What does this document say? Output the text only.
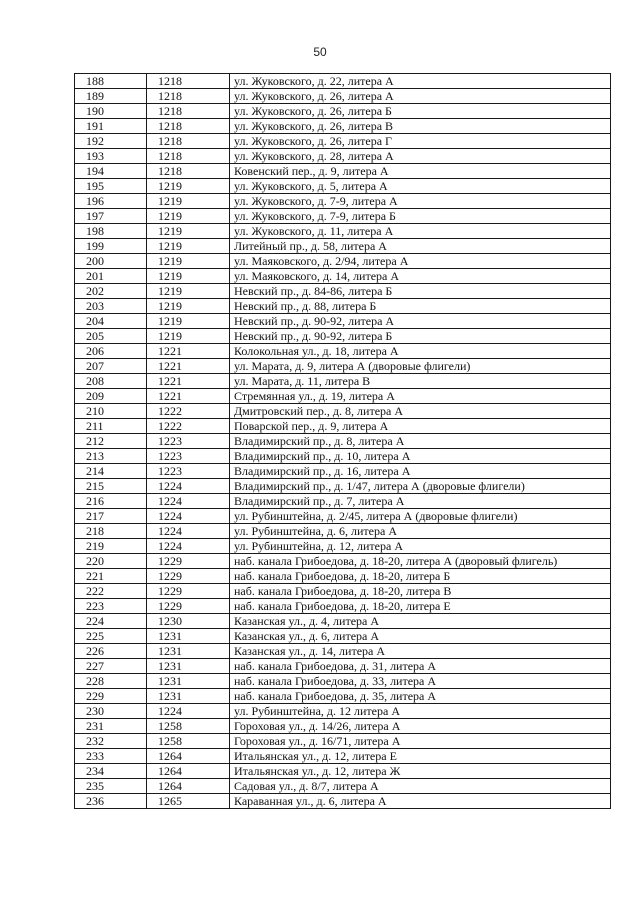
50
188	1218	ул. Жуковского, д. 22, литера А
189	1218	ул. Жуковского, д. 26, литера А
190	1218	ул. Жуковского, д. 26, литера Б
191	1218	ул. Жуковского, д. 26, литера В
192	1218	ул. Жуковского, д. 26, литера Г
193	1218	ул. Жуковского, д. 28, литера А
194	1218	Ковенский пер., д. 9, литера А
195	1219	ул. Жуковского, д. 5, литера А
196	1219	ул. Жуковского, д. 7-9, литера А
197	1219	ул. Жуковского, д. 7-9, литера Б
198	1219	ул. Жуковского, д. 11, литера А
199	1219	Литейный пр., д. 58, литера А
200	1219	ул. Маяковского, д. 2/94, литера А
201	1219	ул. Маяковского, д. 14, литера А
202	1219	Невский пр., д. 84-86, литера Б
203	1219	Невский пр., д. 88, литера Б
204	1219	Невский пр., д. 90-92, литера А
205	1219	Невский пр., д. 90-92, литера Б
206	1221	Колокольная ул., д. 18, литера А
207	1221	ул. Марата, д. 9, литера А (дворовые флигели)
208	1221	ул. Марата, д. 11, литера В
209	1221	Стремянная ул., д. 19, литера А
210	1222	Дмитровский пер., д. 8, литера А
211	1222	Поварской пер., д. 9, литера А
212	1223	Владимирский пр., д. 8, литера А
213	1223	Владимирский пр., д. 10, литера А
214	1223	Владимирский пр., д. 16, литера А
215	1224	Владимирский пр., д. 1/47, литера А (дворовые флигели)
216	1224	Владимирский пр., д. 7, литера А
217	1224	ул. Рубинштейна, д. 2/45, литера А (дворовые флигели)
218	1224	ул. Рубинштейна, д. 6, литера А
219	1224	ул. Рубинштейна, д. 12, литера А
220	1229	наб. канала Грибоедова, д. 18-20, литера А (дворовый флигель)
221	1229	наб. канала Грибоедова, д. 18-20, литера Б
222	1229	наб. канала Грибоедова, д. 18-20, литера В
223	1229	наб. канала Грибоедова, д. 18-20, литера Е
224	1230	Казанская ул., д. 4, литера А
225	1231	Казанская ул., д. 6, литера А
226	1231	Казанская ул., д. 14, литера А
227	1231	наб. канала Грибоедова, д. 31, литера А
228	1231	наб. канала Грибоедова, д. 33, литера А
229	1231	наб. канала Грибоедова, д. 35, литера А
230	1224	ул. Рубинштейна, д. 12 литера А
231	1258	Гороховая ул., д. 14/26, литера А
232	1258	Гороховая ул., д. 16/71, литера А
233	1264	Итальянская ул., д. 12, литера Е
234	1264	Итальянская ул., д. 12, литера Ж
235	1264	Садовая ул., д. 8/7, литера А
236	1265	Караванная ул., д. 6, литера А
